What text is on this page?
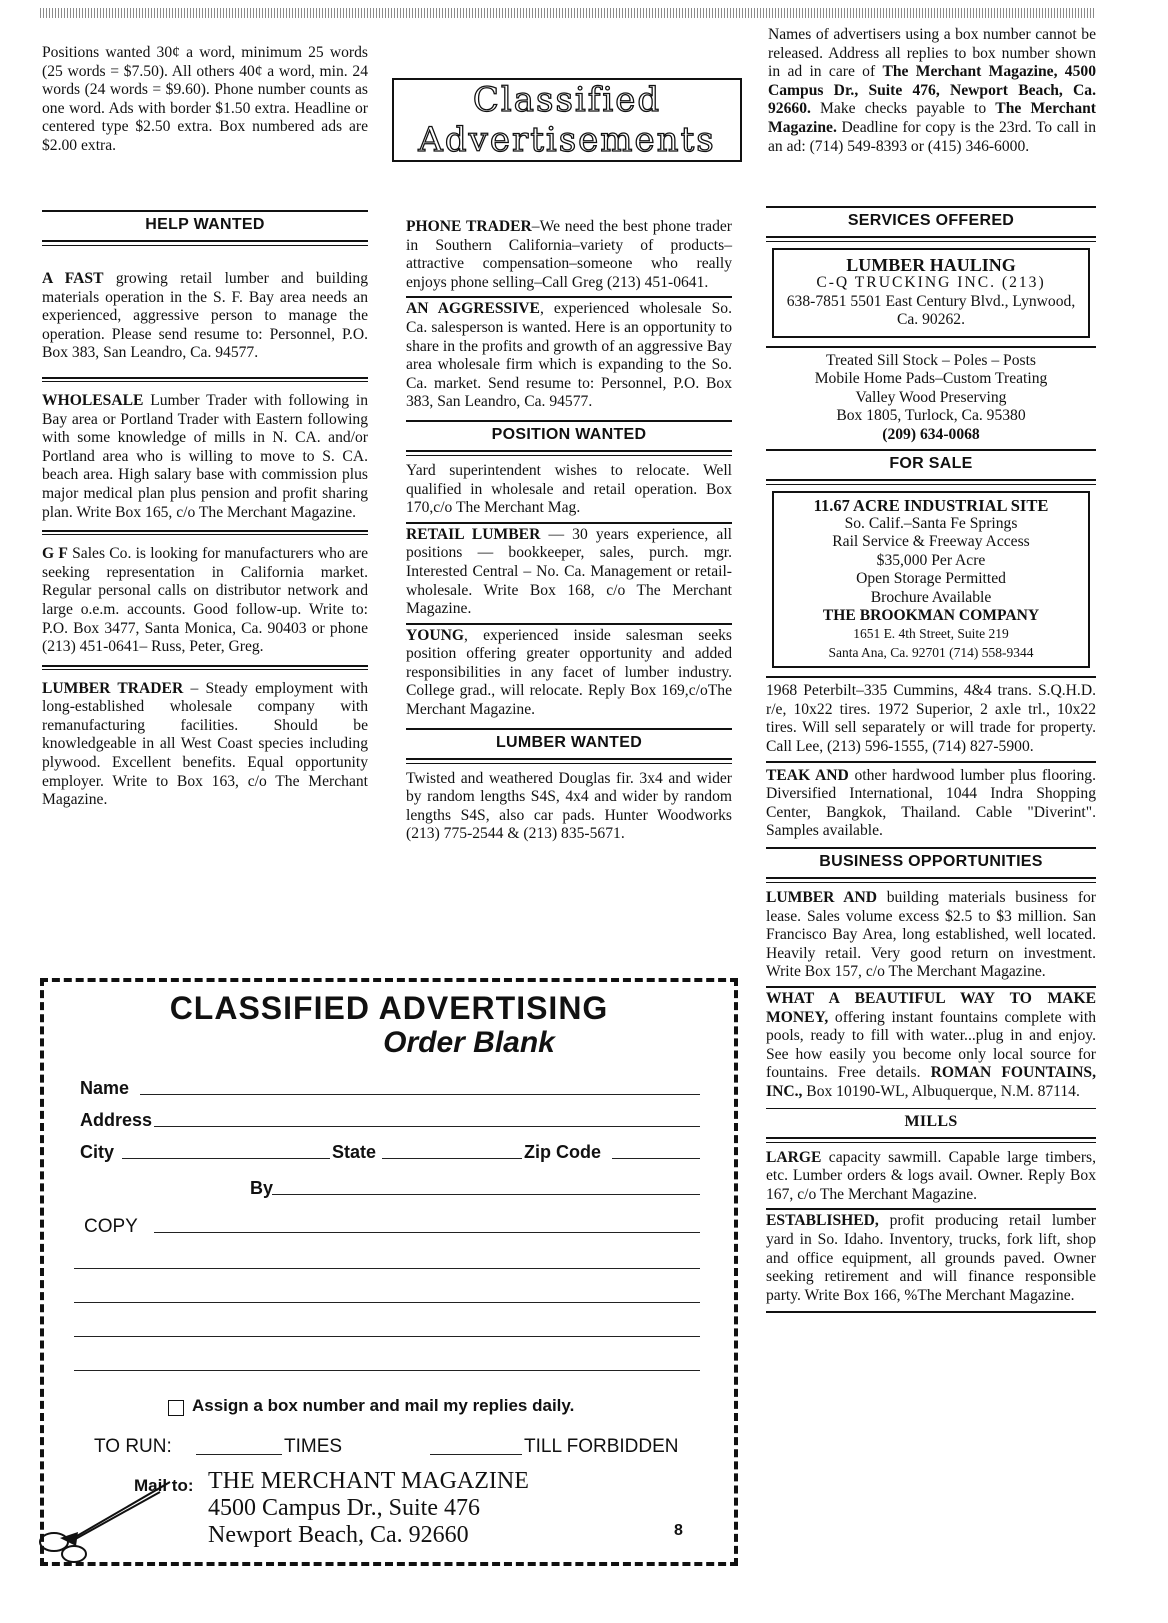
Positions wanted 30¢ a word, minimum 25 words (25 words = $7.50). All others 40¢ a word, min. 24 words (24 words = $9.60). Phone number counts as one word. Ads with border $1.50 extra. Headline or centered type $2.50 extra. Box numbered ads are $2.00 extra.

Classified
Advertisements

Names of advertisers using a box number cannot be released. Address all replies to box number shown in ad in care of The Merchant Magazine, 4500 Campus Dr., Suite 476, Newport Beach, Ca. 92660. Make checks payable to The Merchant Magazine. Deadline for copy is the 23rd. To call in an ad: (714) 549-8393 or (415) 346-6000.

HELP WANTED

A FAST growing retail lumber and building materials operation in the S. F. Bay area needs an experienced, aggressive person to manage the operation. Please send resume to: Personnel, P.O. Box 383, San Leandro, Ca. 94577.

WHOLESALE Lumber Trader with following in Bay area or Portland Trader with Eastern following with some knowledge of mills in N. CA. and/or Portland area who is willing to move to S. CA. beach area. High salary base with commission plus major medical plan plus pension and profit sharing plan. Write Box 165, c/o The Merchant Magazine.

G F Sales Co. is looking for manufacturers who are seeking representation in California market. Regular personal calls on distributor network and large o.e.m. accounts. Good follow-up. Write to: P.O. Box 3477, Santa Monica, Ca. 90403 or phone (213) 451-0641– Russ, Peter, Greg.

LUMBER TRADER – Steady employment with long-established wholesale company with remanufacturing facilities. Should be knowledgeable in all West Coast species including plywood. Excellent benefits. Equal opportunity employer. Write to Box 163, c/o The Merchant Magazine.

PHONE TRADER–We need the best phone trader in Southern California–variety of products–attractive compensation–someone who really enjoys phone selling–Call Greg (213) 451-0641.

AN AGGRESSIVE, experienced wholesale So. Ca. salesperson is wanted. Here is an opportunity to share in the profits and growth of an aggressive Bay area wholesale firm which is expanding to the So. Ca. market. Send resume to: Personnel, P.O. Box 383, San Leandro, Ca. 94577.

POSITION WANTED

Yard superintendent wishes to relocate. Well qualified in wholesale and retail operation. Box 170,c/o The Merchant Mag.

RETAIL LUMBER — 30 years experience, all positions — bookkeeper, sales, purch. mgr. Interested Central – No. Ca. Management or retail-wholesale. Write Box 168, c/o The Merchant Magazine.

YOUNG, experienced inside salesman seeks position offering greater opportunity and added responsibilities in any facet of lumber industry. College grad., will relocate. Reply Box 169,c/oThe Merchant Magazine.

LUMBER WANTED

Twisted and weathered Douglas fir. 3x4 and wider by random lengths S4S, 4x4 and wider by random lengths S4S, also car pads. Hunter Woodworks (213) 775-2544 & (213) 835-5671.

SERVICES OFFERED
LUMBER HAULING
C-Q TRUCKING INC. (213)
638-7851 5501 East Century Blvd., Lynwood, Ca. 90262.
Treated Sill Stock – Poles – Posts
Mobile Home Pads–Custom Treating
Valley Wood Preserving
Box 1805, Turlock, Ca. 95380
(209) 634-0068
FOR SALE
11.67 ACRE INDUSTRIAL SITE
So. Calif.–Santa Fe Springs
Rail Service & Freeway Access
$35,000 Per Acre
Open Storage Permitted
Brochure Available
THE BROOKMAN COMPANY
1651 E. 4th Street, Suite 219
Santa Ana, Ca. 92701 (714) 558-9344

1968 Peterbilt–335 Cummins, 4&4 trans. S.Q.H.D. r/e, 10x22 tires. 1972 Superior, 2 axle trl., 10x22 tires. Will sell separately or will trade for property. Call Lee, (213) 596-1555, (714) 827-5900.

TEAK AND other hardwood lumber plus flooring. Diversified International, 1044 Indra Shopping Center, Bangkok, Thailand. Cable "Diverint". Samples available.

BUSINESS OPPORTUNITIES

LUMBER AND building materials business for lease. Sales volume excess $2.5 to $3 million. San Francisco Bay Area, long established, well located. Heavily retail. Very good return on investment. Write Box 157, c/o The Merchant Magazine.

WHAT A BEAUTIFUL WAY TO MAKE MONEY, offering instant fountains complete with pools, ready to fill with water...plug in and enjoy. See how easily you become only local source for fountains. Free details. ROMAN FOUNTAINS, INC., Box 10190-WL, Albuquerque, N.M. 87114.

MILLS

LARGE capacity sawmill. Capable large timbers, etc. Lumber orders & logs avail. Owner. Reply Box 167, c/o The Merchant Magazine.

ESTABLISHED, profit producing retail lumber yard in So. Idaho. Inventory, trucks, fork lift, shop and office equipment, all grounds paved. Owner seeking retirement and will finance responsible party. Write Box 166, %The Merchant Magazine.

CLASSIFIED ADVERTISING
Order Blank
Name
Address
City	State	Zip Code
By
COPY
Assign a box number and mail my replies daily.
TO RUN:	TIMES	TILL FORBIDDEN
Mail to: THE MERCHANT MAGAZINE
4500 Campus Dr., Suite 476
Newport Beach, Ca. 92660	8
